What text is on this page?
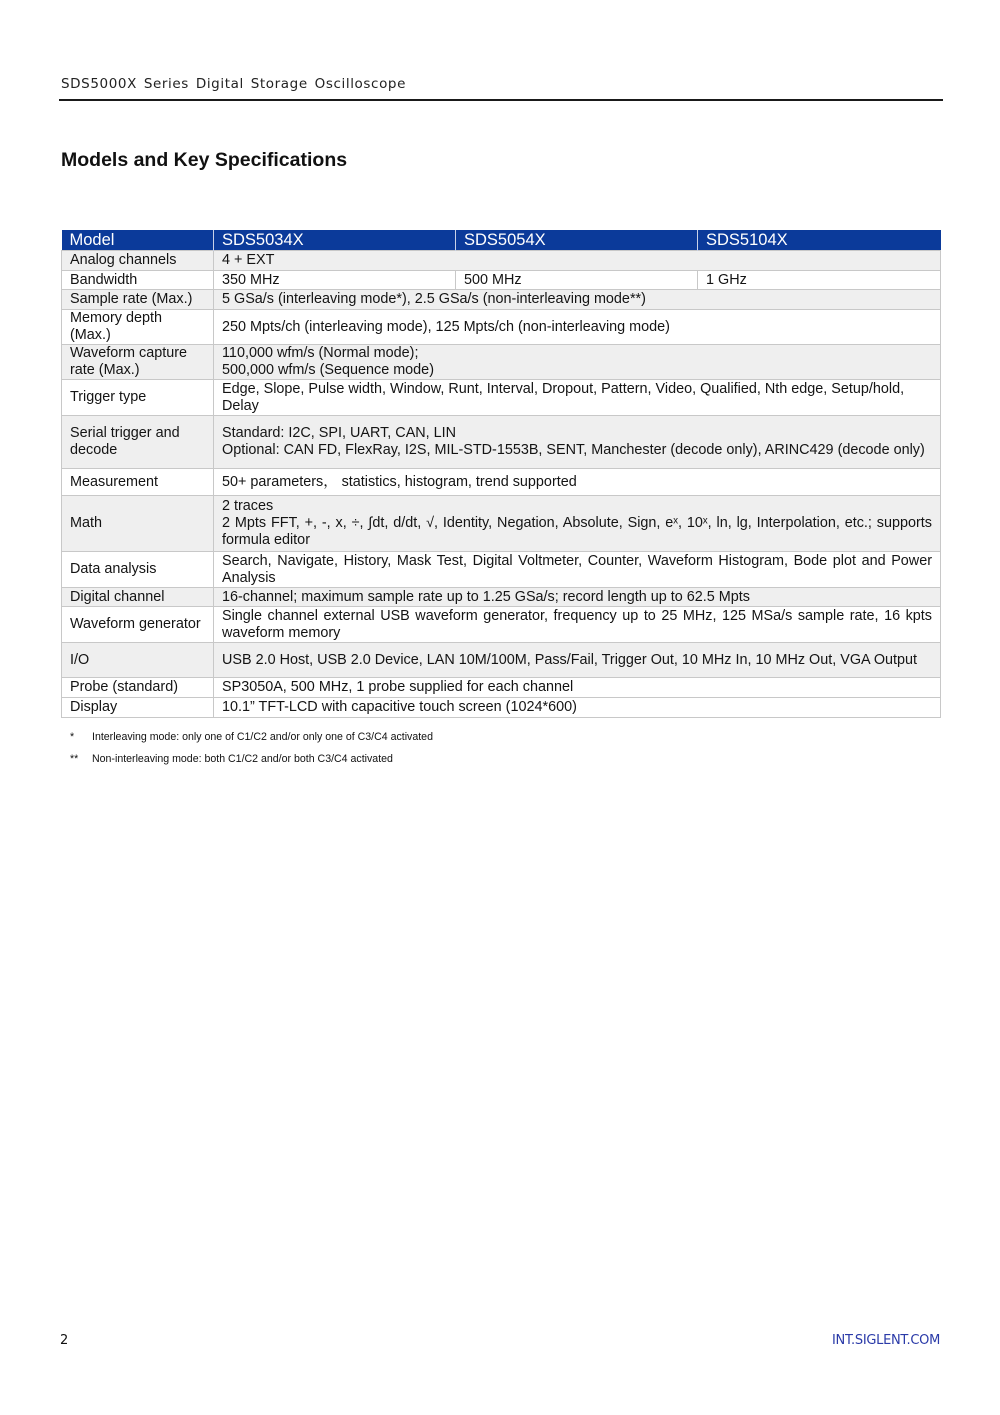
SDS5000X Series Digital Storage Oscilloscope
Models and Key Specifications
Model	SDS5034X	SDS5054X	SDS5104X
Analog channels	4 + EXT		
Bandwidth	350 MHz	500 MHz	1 GHz
Sample rate (Max.)	5 GSa/s (interleaving mode*), 2.5 GSa/s (non-interleaving mode**)		
Memory depth (Max.)	250 Mpts/ch (interleaving mode), 125 Mpts/ch (non-interleaving mode)		
Waveform capture rate (Max.)	110,000 wfm/s (Normal mode);
500,000 wfm/s (Sequence mode)		

Trigger type	Edge, Slope, Pulse width, Window, Runt, Interval, Dropout, Pattern, Video, Qualified, Nth edge, Setup/hold, Delay		
Serial trigger and decode	Standard: I2C, SPI, UART, CAN, LIN
Optional: CAN FD, FlexRay, I2S, MIL-STD-1553B, SENT, Manchester (decode only), ARINC429 (decode only)		

Measurement	50+ parameters， statistics, histogram, trend supported		
Math	2 traces
2 Mpts FFT, +, -, x, ÷, ∫dt, d/dt, √, Identity, Negation, Absolute, Sign, eˣ, 10ˣ, ln, lg, Interpolation, etc.; supports formula editor		

Data analysis	Search, Navigate, History, Mask Test, Digital Voltmeter, Counter, Waveform Histogram, Bode plot and Power Analysis		
Digital channel	16-channel; maximum sample rate up to 1.25 GSa/s; record length up to 62.5 Mpts		
Waveform generator	Single channel external USB waveform generator, frequency up to 25 MHz, 125 MSa/s sample rate, 16 kpts waveform memory		
I/O	USB 2.0 Host, USB 2.0 Device, LAN 10M/100M, Pass/Fail, Trigger Out, 10 MHz In, 10 MHz Out, VGA Output		
Probe (standard)	SP3050A, 500 MHz, 1 probe supplied for each channel		
Display	10.1” TFT-LCD with capacitive touch screen (1024*600)		
*	Interleaving mode: only one of C1/C2 and/or only one of C3/C4 activated
**	Non-interleaving mode: both C1/C2 and/or both C3/C4 activated
2	INT.SIGLENT.COM
